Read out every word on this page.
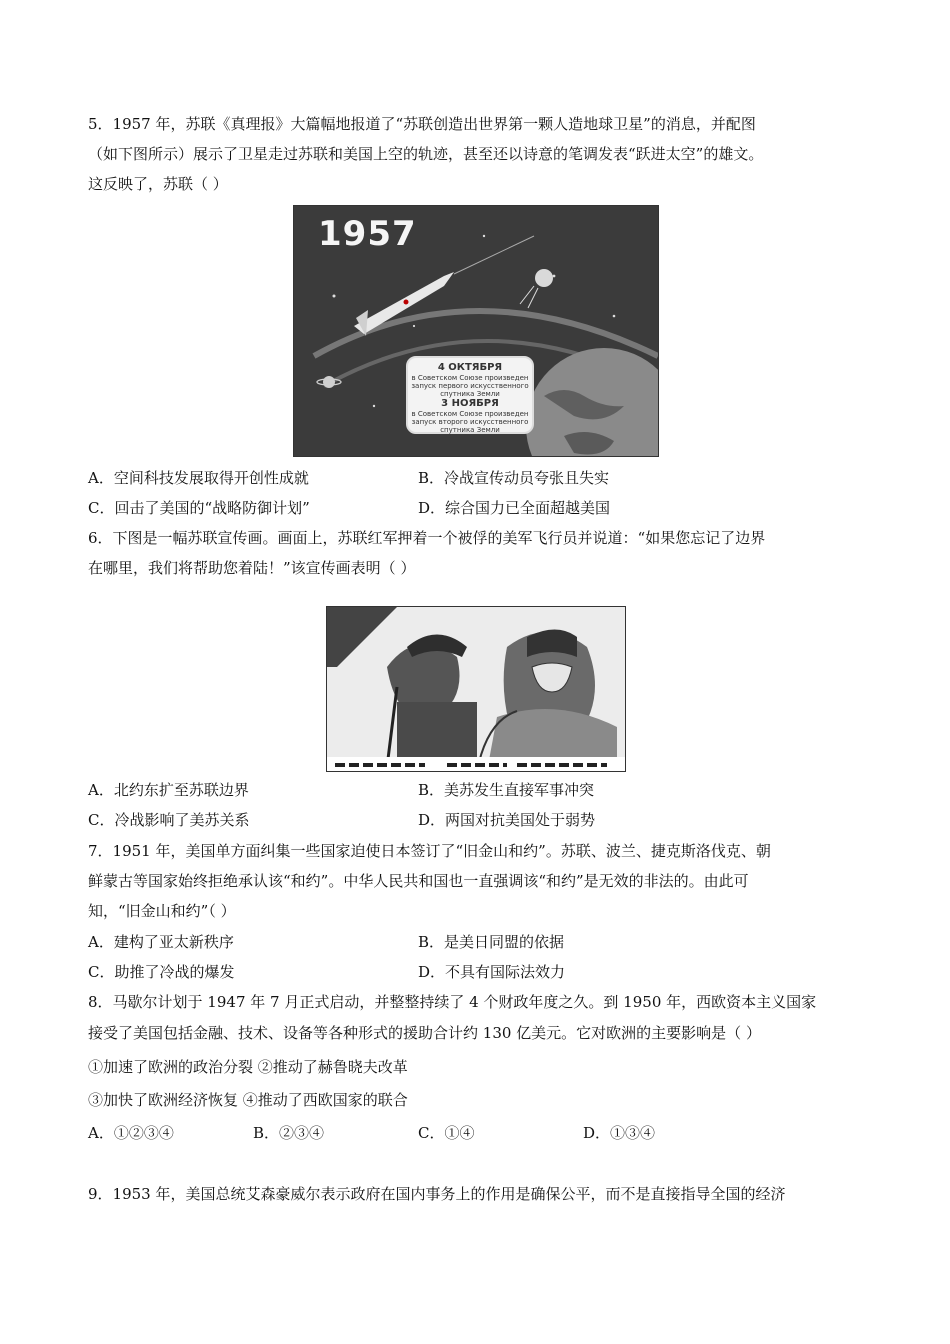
5．1957 年，苏联《真理报》大篇幅地报道了“苏联创造出世界第一颗人造地球卫星”的消息，并配图
（如下图所示）展示了卫星走过苏联和美国上空的轨迹，甚至还以诗意的笔调发表“跃进太空”的雄文。
这反映了，苏联（ ）
1957
4 ОКТЯБРЯ
в Советском Союзе произведен
запуск первого искусственного
спутника Земли
3 НОЯБРЯ
в Советском Союзе произведен
запуск второго искусственного
спутника Земли
A．空间科技发展取得开创性成就	B．冷战宣传动员夸张且失实
C．回击了美国的“战略防御计划”	D．综合国力已全面超越美国
6．下图是一幅苏联宣传画。画面上，苏联红军押着一个被俘的美军飞行员并说道：“如果您忘记了边界
在哪里，我们将帮助您着陆！”该宣传画表明（ ）
A．北约东扩至苏联边界	B．美苏发生直接军事冲突
C．冷战影响了美苏关系	D．两国对抗美国处于弱势
7．1951 年，美国单方面纠集一些国家迫使日本签订了“旧金山和约”。苏联、波兰、捷克斯洛伐克、朝
鲜蒙古等国家始终拒绝承认该“和约”。中华人民共和国也一直强调该“和约”是无效的非法的。由此可
知，“旧金山和约”（ ）
A．建构了亚太新秩序	B．是美日同盟的依据
C．助推了冷战的爆发	D．不具有国际法效力
8．马歇尔计划于 1947 年 7 月正式启动，并整整持续了 4 个财政年度之久。到 1950 年，西欧资本主义国家
接受了美国包括金融、技术、设备等各种形式的援助合计约 130 亿美元。它对欧洲的主要影响是（ ）
①加速了欧洲的政治分裂 ②推动了赫鲁晓夫改革
③加快了欧洲经济恢复 ④推动了西欧国家的联合
A．①②③④	B．②③④	C．①④	D．①③④
9．1953 年，美国总统艾森豪威尔表示政府在国内事务上的作用是确保公平，而不是直接指导全国的经济
